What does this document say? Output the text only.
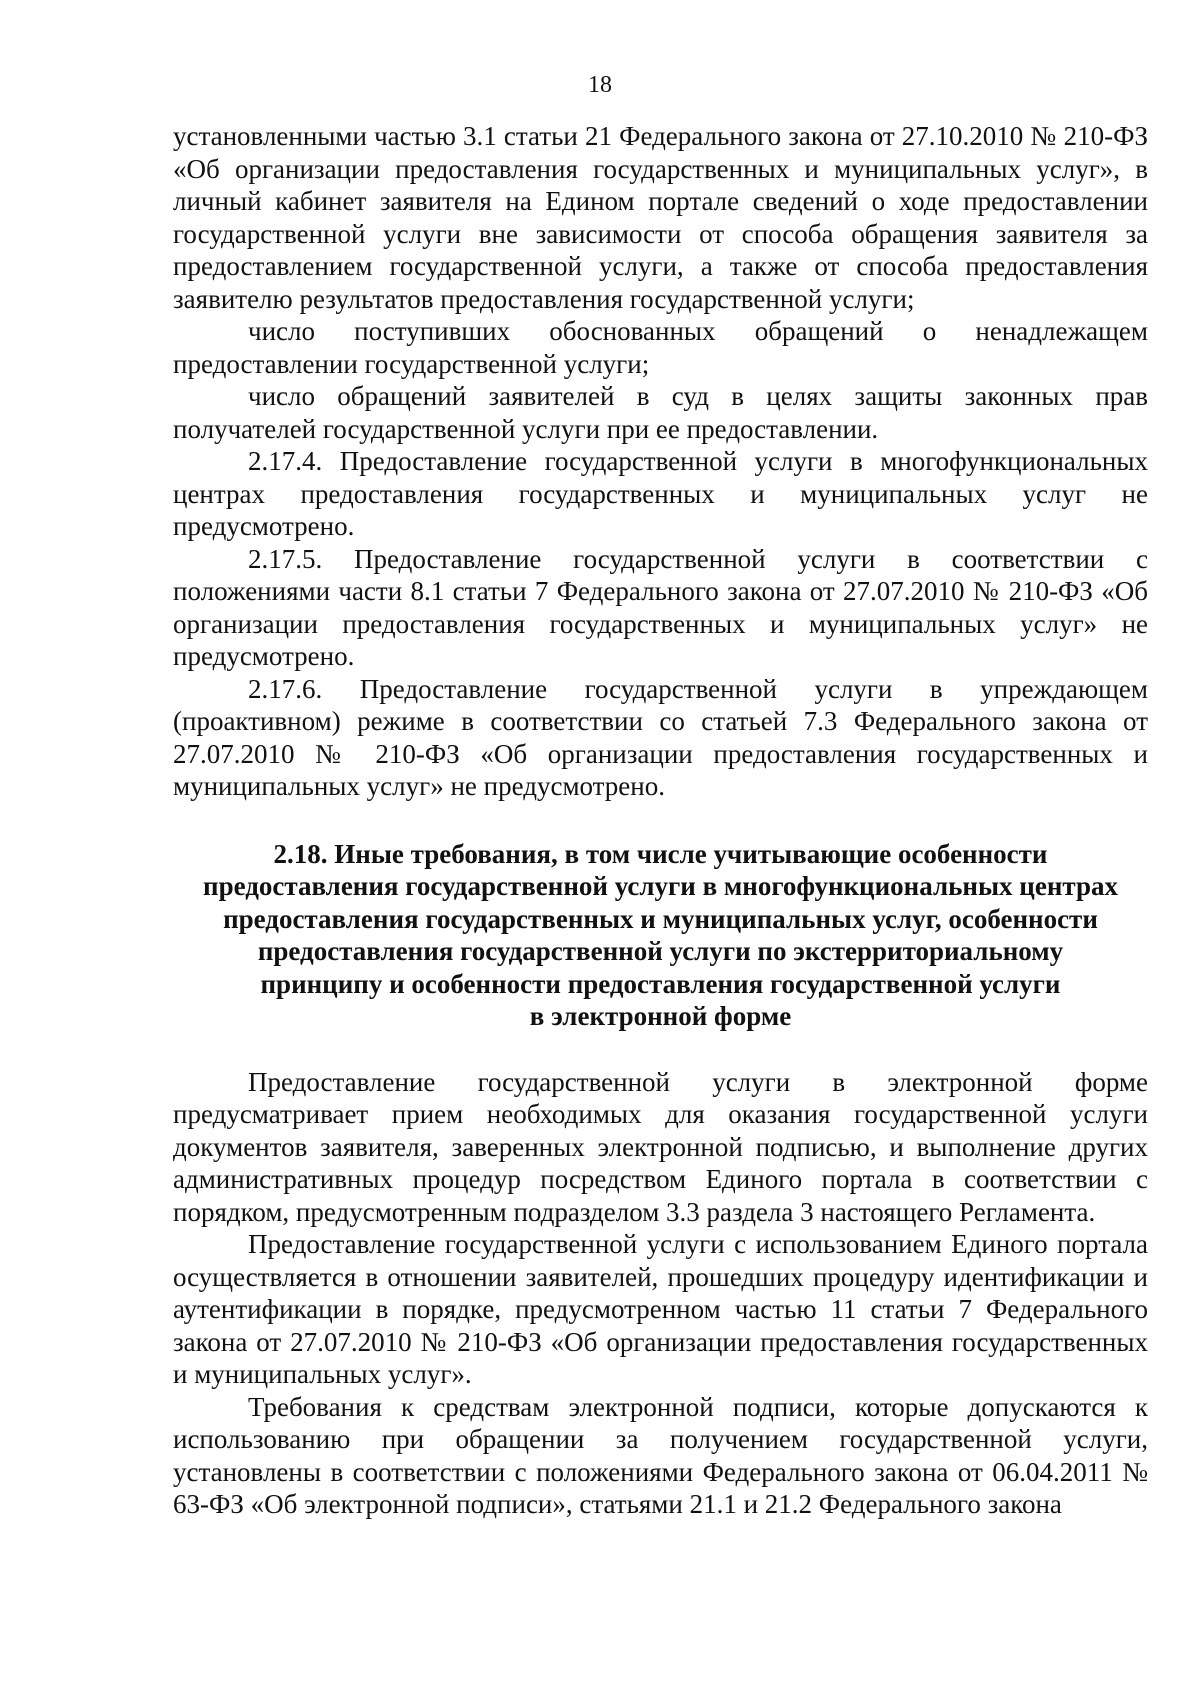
18

установленными частью 3.1 статьи 21 Федерального закона от 27.10.2010 № 210-ФЗ «Об организации предоставления государственных и муниципальных услуг», в личный кабинет заявителя на Едином портале сведений о ходе предоставлении государственной услуги вне зависимости от способа обращения заявителя за предоставлением государственной услуги, а также от способа предоставления заявителю результатов предоставления государственной услуги;

число поступивших обоснованных обращений о ненадлежащем предоставлении государственной услуги;

число обращений заявителей в суд в целях защиты законных прав получателей государственной услуги при ее предоставлении.

2.17.4. Предоставление государственной услуги в многофункциональных центрах предоставления государственных и муниципальных услуг не предусмотрено.

2.17.5. Предоставление государственной услуги в соответствии с положениями части 8.1 статьи 7 Федерального закона от 27.07.2010 № 210-ФЗ «Об организации предоставления государственных и муниципальных услуг» не предусмотрено.

2.17.6. Предоставление государственной услуги в упреждающем (проактивном) режиме в соответствии со статьей 7.3 Федерального закона от 27.07.2010 № 210-ФЗ «Об организации предоставления государственных и муниципальных услуг» не предусмотрено.

2.18. Иные требования, в том числе учитывающие особенности
предоставления государственной услуги в многофункциональных центрах
предоставления государственных и муниципальных услуг, особенности
предоставления государственной услуги по экстерриториальному
принципу и особенности предоставления государственной услуги
в электронной форме

Предоставление государственной услуги в электронной форме предусматривает прием необходимых для оказания государственной услуги документов заявителя, заверенных электронной подписью, и выполнение других административных процедур посредством Единого портала в соответствии с порядком, предусмотренным подразделом 3.3 раздела 3 настоящего Регламента.

Предоставление государственной услуги с использованием Единого портала осуществляется в отношении заявителей, прошедших процедуру идентификации и аутентификации в порядке, предусмотренном частью 11 статьи 7 Федерального закона от 27.07.2010 № 210-ФЗ «Об организации предоставления государственных и муниципальных услуг».

Требования к средствам электронной подписи, которые допускаются к использованию при обращении за получением государственной услуги, установлены в соответствии с положениями Федерального закона от 06.04.2011 № 63-ФЗ «Об электронной подписи», статьями 21.1 и 21.2 Федерального закона
